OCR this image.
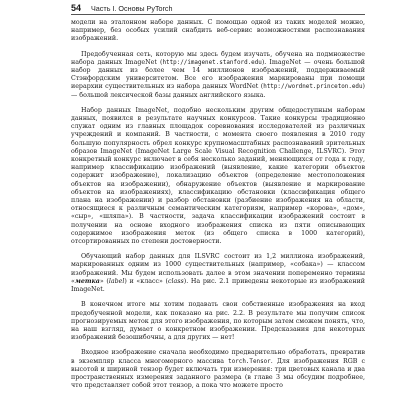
54 Часть I. Основы PyTorch

модели на эталонном наборе данных. С помощью одной из таких моделей можно, например, без особых усилий снабдить веб-сервис возможностями распознавания изображений.

Предобученная сеть, которую мы здесь будем изучать, обучена на подмножестве набора данных ImageNet (http://imagenet.stanford.edu). ImageNet — очень большой набор данных из более чем 14 миллионов изображений, поддерживаемый Стэнфордским университетом. Все его изображения маркированы при помощи иерархии существительных из набора данных WordNet (http://wordnet.princeton.edu) — большой лексической базы данных английского языка.

Набор данных ImageNet, подобно нескольким другим общедоступным наборам данных, появился в результате научных конкурсов. Такие конкурсы традиционно служат одним из главных площадок соревнования исследователей из различных учреждений и компаний. В частности, с момента своего появления в 2010 году большую популярность обрел конкурс крупномасштабных распознаваний зрительных образов ImageNet (ImageNet Large Scale Visual Recognition Challenge, ILSVRC). Этот конкретный конкурс включает в себя несколько заданий, меняющихся от года к году, например классификацию изображений (выявление, какие категории объектов содержит изображение), локализацию объектов (определение местоположения объектов на изображении), обнаружение объектов (выявление и маркирование объектов на изображениях), классификацию обстановки (классификация общего плана на изображении) и разбор обстановки (разбиение изображения на области, относящиеся к различным семантическим категориям, например «корова», «дом», «сыр», «шляпа»). В частности, задача классификации изображений состоит в получении на основе входного изображения списка из пяти описывающих содержимое изображения меток (из общего списка в 1000 категорий), отсортированных по степени достоверности.

Обучающий набор данных для ILSVRC состоит из 1,2 миллиона изображений, маркированных одним из 1000 существительных (например, «собака») — классом изображений. Мы будем использовать далее в этом значении попеременно термины «метка» (label) и «класс» (class). На рис. 2.1 приведены некоторые из изображений ImageNet.

В конечном итоге мы хотим подавать свои собственные изображения на вход предобученной модели, как показано на рис. 2.2. В результате мы получим список прогнозируемых меток для этого изображения, по которым затем сможем понять, что, на наш взгляд, думает о конкретном изображении. Предсказания для некоторых изображений безошибочны, а для других — нет!

Входное изображение сначала необходимо предварительно обработать, превратив в экземпляр класса многомерного массива torch.Tensor. Для изображения RGB с высотой и шириной тензор будет включать три измерения: три цветовых канала и два пространственных измерения заданного размера (в главе 3 мы обсудим подробнее, что представляет собой этот тензор, а пока что можете просто
